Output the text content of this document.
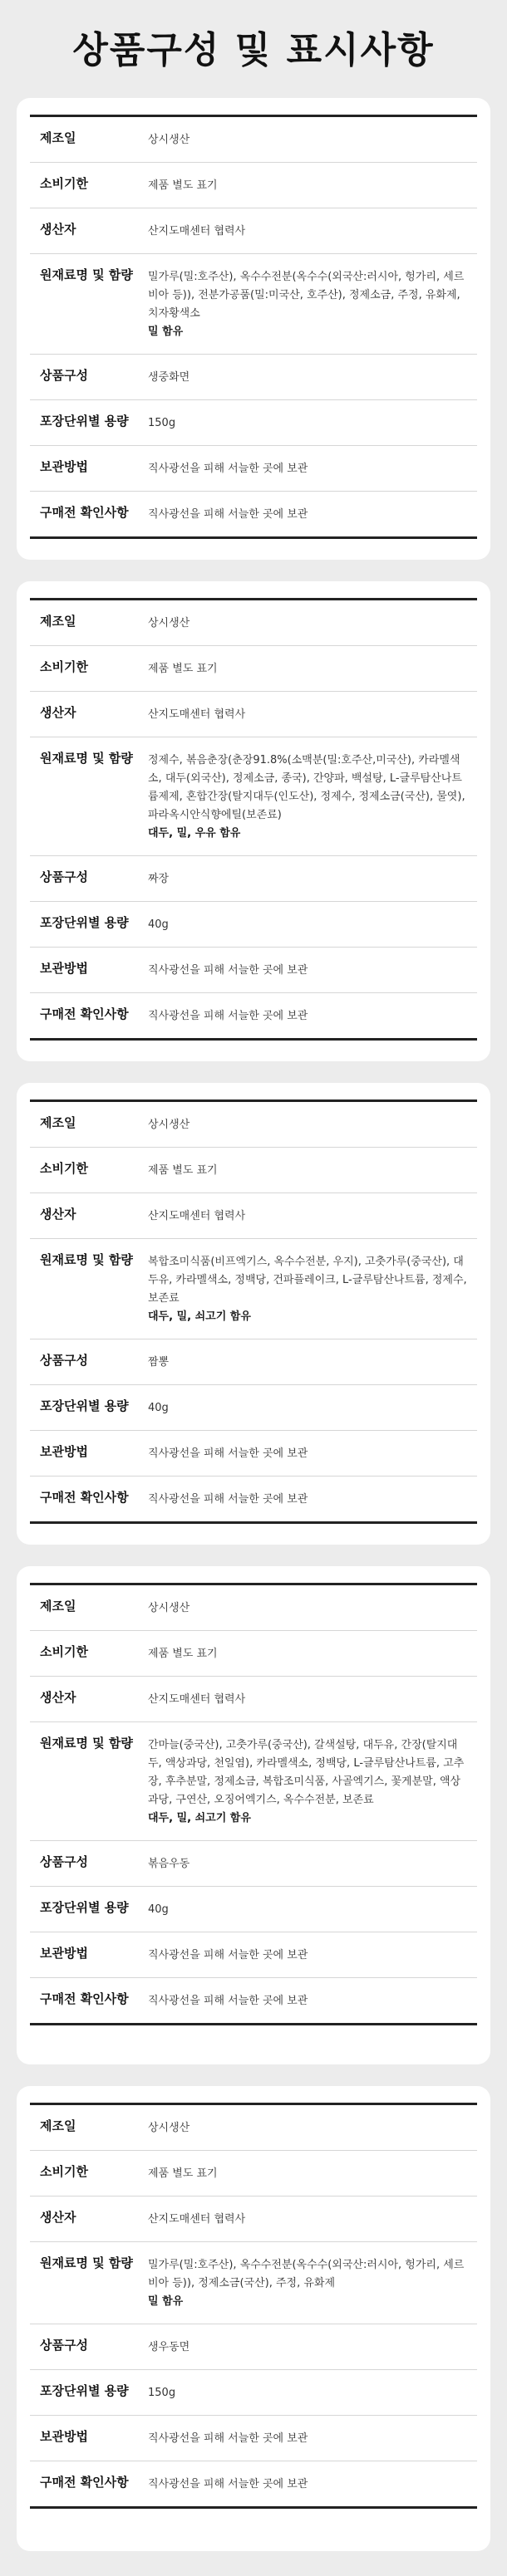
상품구성 및 표시사항
제조일	상시생산
소비기한	제품 별도 표기
생산자	산지도매센터 협력사
원재료명 및 함량	밀가루(밀:호주산), 옥수수전분(옥수수(외국산:러시아, 헝가리, 세르비아 등)), 전분가공품(밀:미국산, 호주산), 정제소금, 주정, 유화제, 치자황색소
밀 함유

상품구성	생중화면
포장단위별 용량	150g
보관방법	직사광선을 피해 서늘한 곳에 보관
구매전 확인사항	직사광선을 피해 서늘한 곳에 보관
제조일	상시생산
소비기한	제품 별도 표기
생산자	산지도매센터 협력사
원재료명 및 함량	정제수, 볶음춘장(춘장91.8%(소맥분(밀:호주산,미국산), 카라멜색소, 대두(외국산), 정제소금, 종국), 간양파, 백설탕, L-글루탐산나트륨제제, 혼합간장(탈지대두(인도산), 정제수, 정제소금(국산), 물엿), 파라옥시안식향에틸(보존료)
대두, 밀, 우유 함유

상품구성	짜장
포장단위별 용량	40g
보관방법	직사광선을 피해 서늘한 곳에 보관
구매전 확인사항	직사광선을 피해 서늘한 곳에 보관
제조일	상시생산
소비기한	제품 별도 표기
생산자	산지도매센터 협력사
원재료명 및 함량	복합조미식품(비프엑기스, 옥수수전분, 우지), 고춧가루(중국산), 대두유, 카라멜색소, 정백당, 건파플레이크, L-글루탐산나트륨, 정제수, 보존료
대두, 밀, 쇠고기 함유

상품구성	짬뽕
포장단위별 용량	40g
보관방법	직사광선을 피해 서늘한 곳에 보관
구매전 확인사항	직사광선을 피해 서늘한 곳에 보관
제조일	상시생산
소비기한	제품 별도 표기
생산자	산지도매센터 협력사
원재료명 및 함량	간마늘(중국산), 고춧가루(중국산), 갈색설탕, 대두유, 간장(탈지대두, 액상과당, 천일염), 카라멜색소, 정백당, L-글루탐산나트륨, 고추장, 후추분말, 정제소금, 복합조미식품, 사골엑기스, 꽃게분말, 액상과당, 구연산, 오징어엑기스, 옥수수전분, 보존료
대두, 밀, 쇠고기 함유

상품구성	볶음우동
포장단위별 용량	40g
보관방법	직사광선을 피해 서늘한 곳에 보관
구매전 확인사항	직사광선을 피해 서늘한 곳에 보관
제조일	상시생산
소비기한	제품 별도 표기
생산자	산지도매센터 협력사
원재료명 및 함량	밀가루(밀:호주산), 옥수수전분(옥수수(외국산:러시아, 헝가리, 세르비아 등)), 정제소금(국산), 주정, 유화제
밀 함유

상품구성	생우동면
포장단위별 용량	150g
보관방법	직사광선을 피해 서늘한 곳에 보관
구매전 확인사항	직사광선을 피해 서늘한 곳에 보관
